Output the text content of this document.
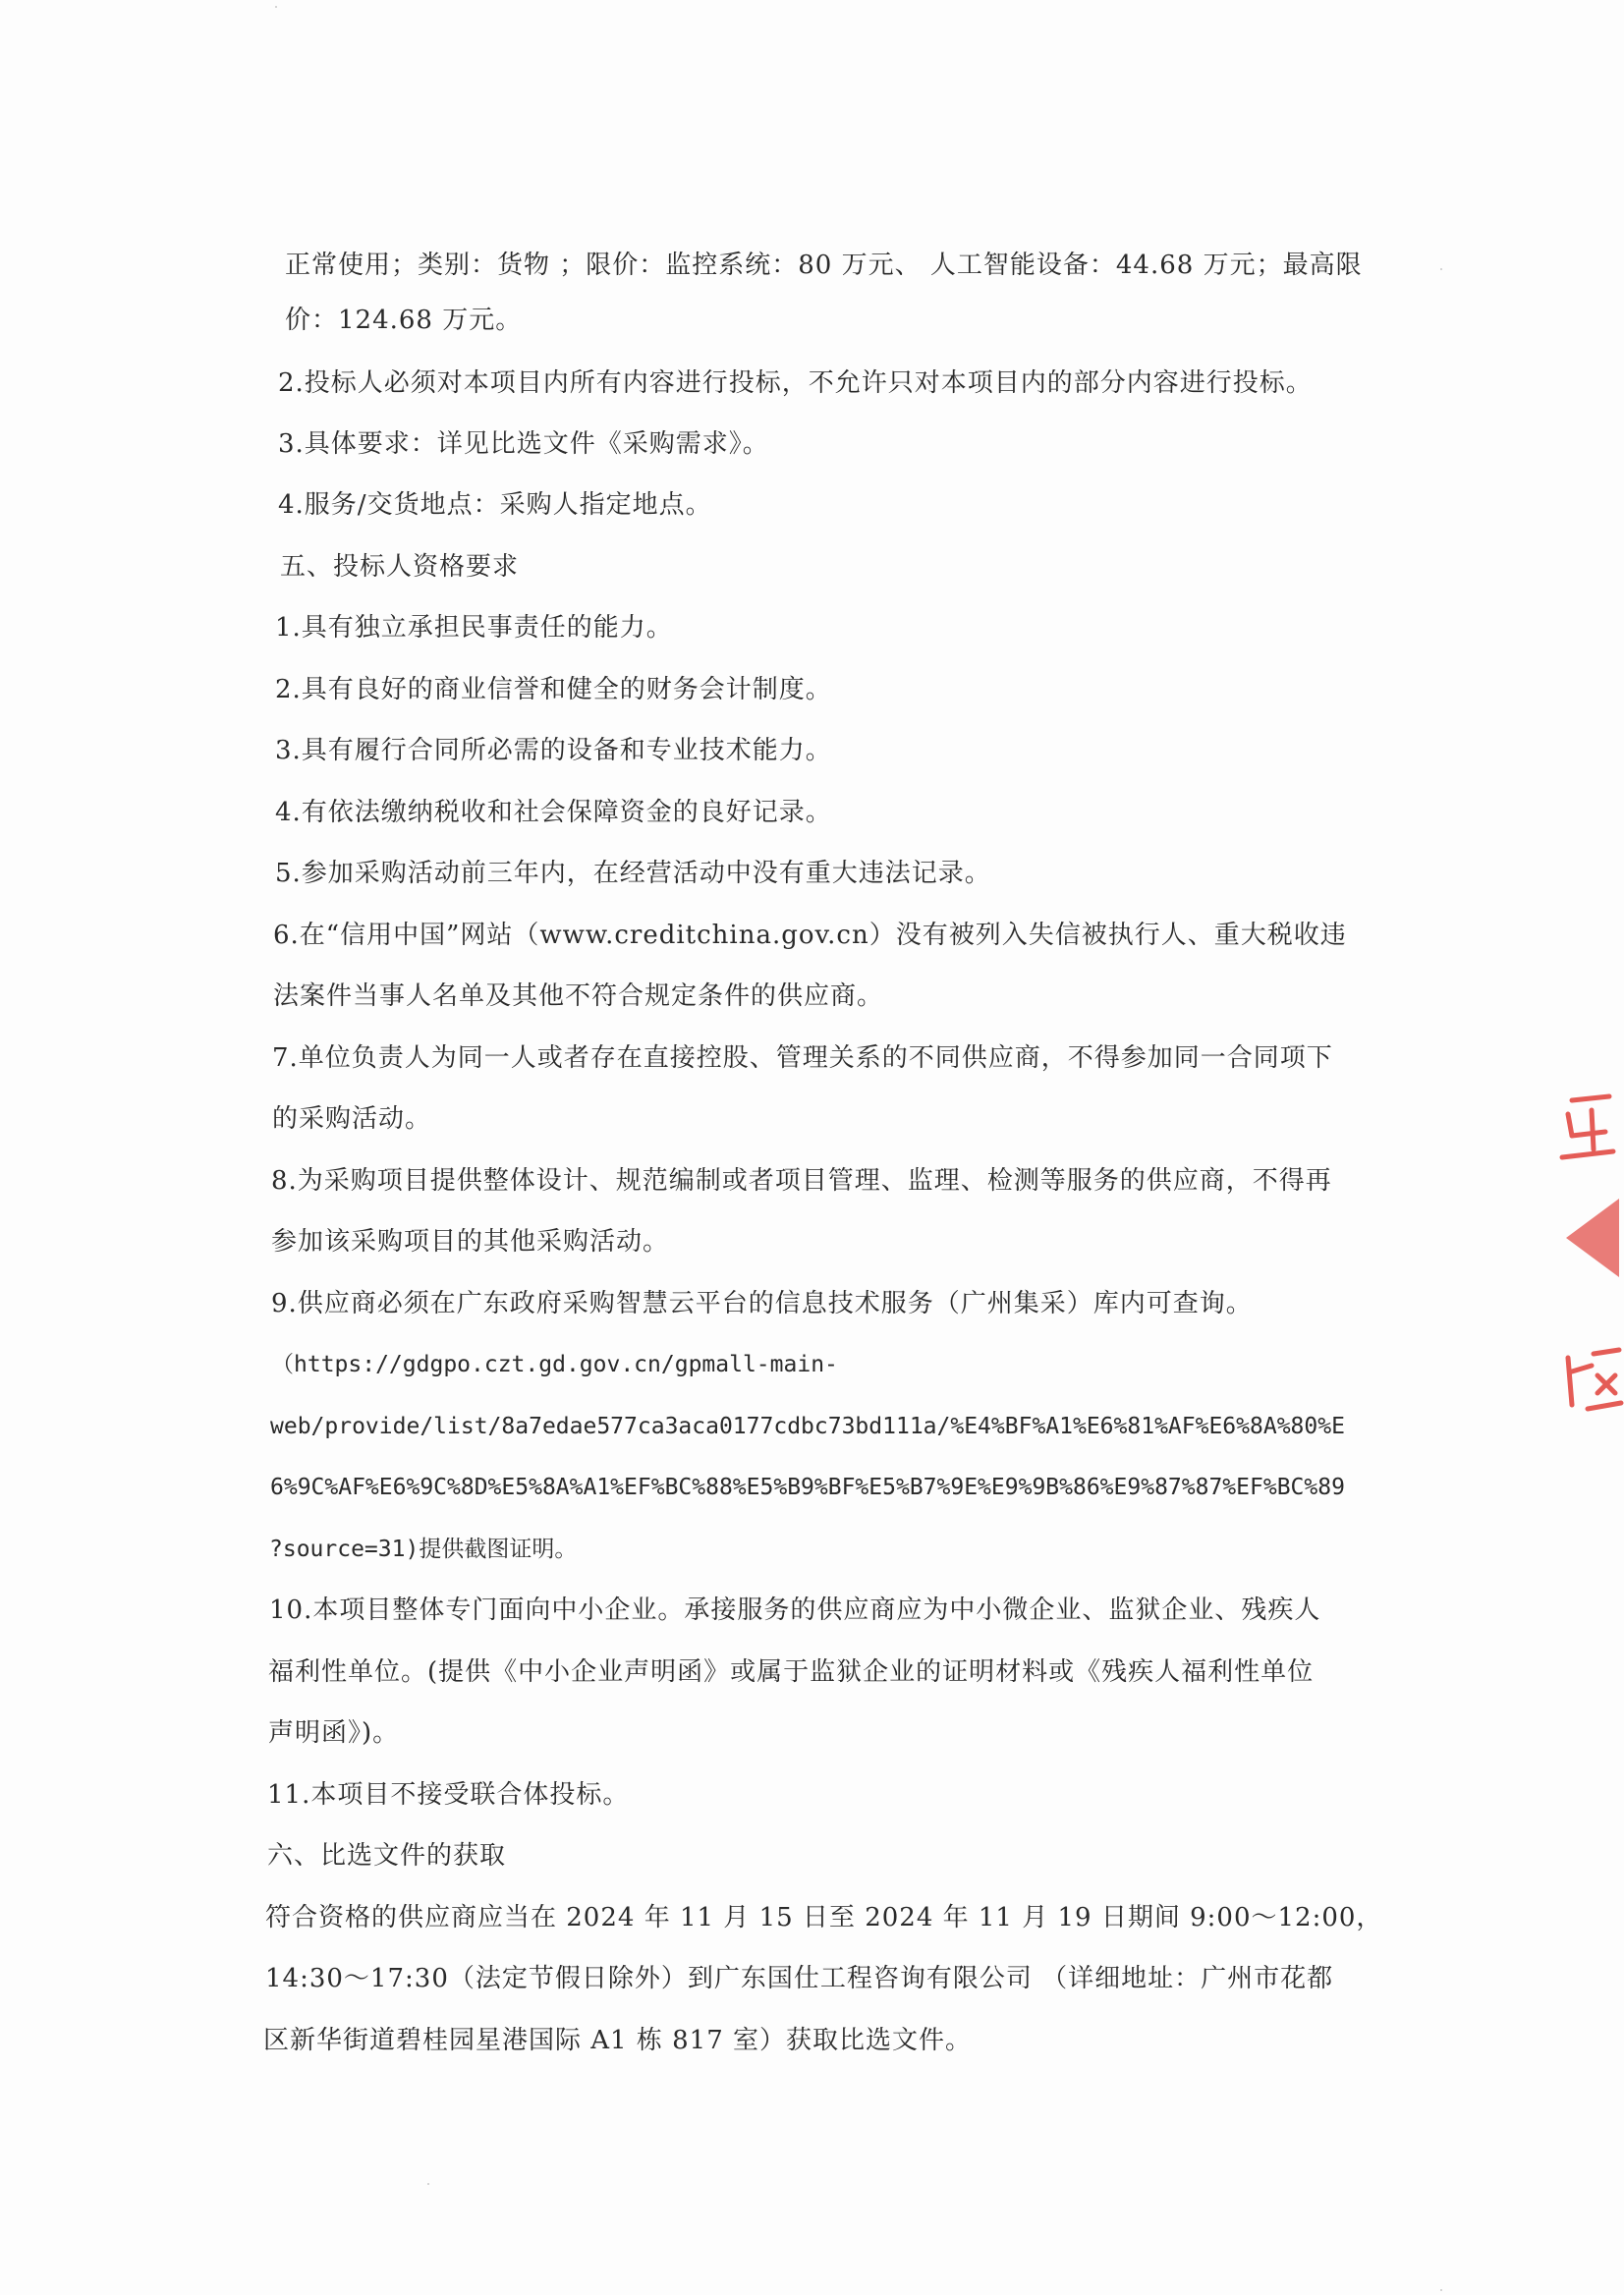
正常使用；类别：货物 ；限价：监控系统：80 万元、 人工智能设备：44.68 万元；最高限
价：124.68 万元。
2.投标人必须对本项目内所有内容进行投标，不允许只对本项目内的部分内容进行投标。
3.具体要求：详见比选文件《采购需求》。
4.服务/交货地点：采购人指定地点。
五、投标人资格要求
1.具有独立承担民事责任的能力。
2.具有良好的商业信誉和健全的财务会计制度。
3.具有履行合同所必需的设备和专业技术能力。
4.有依法缴纳税收和社会保障资金的良好记录。
5.参加采购活动前三年内，在经营活动中没有重大违法记录。
6.在“信用中国”网站（www.creditchina.gov.cn）没有被列入失信被执行人、重大税收违
法案件当事人名单及其他不符合规定条件的供应商。
7.单位负责人为同一人或者存在直接控股、管理关系的不同供应商，不得参加同一合同项下
的采购活动。
8.为采购项目提供整体设计、规范编制或者项目管理、监理、检测等服务的供应商，不得再
参加该采购项目的其他采购活动。
9.供应商必须在广东政府采购智慧云平台的信息技术服务（广州集采）库内可查询。
（https://gdgpo.czt.gd.gov.cn/gpmall-main-
web/provide/list/8a7edae577ca3aca0177cdbc73bd111a/%E4%BF%A1%E6%81%AF%E6%8A%80%E
6%9C%AF%E6%9C%8D%E5%8A%A1%EF%BC%88%E5%B9%BF%E5%B7%9E%E9%9B%86%E9%87%87%EF%BC%89
?source=31)提供截图证明。
10.本项目整体专门面向中小企业。承接服务的供应商应为中小微企业、监狱企业、残疾人
福利性单位。(提供《中小企业声明函》或属于监狱企业的证明材料或《残疾人福利性单位
声明函》)。
11.本项目不接受联合体投标。
六、比选文件的获取
符合资格的供应商应当在 2024 年 11 月 15 日至 2024 年 11 月 19 日期间 9:00～12:00，
14:30～17:30（法定节假日除外）到广东国仕工程咨询有限公司 （详细地址：广州市花都
区新华街道碧桂园星港国际 A1 栋 817 室）获取比选文件。
